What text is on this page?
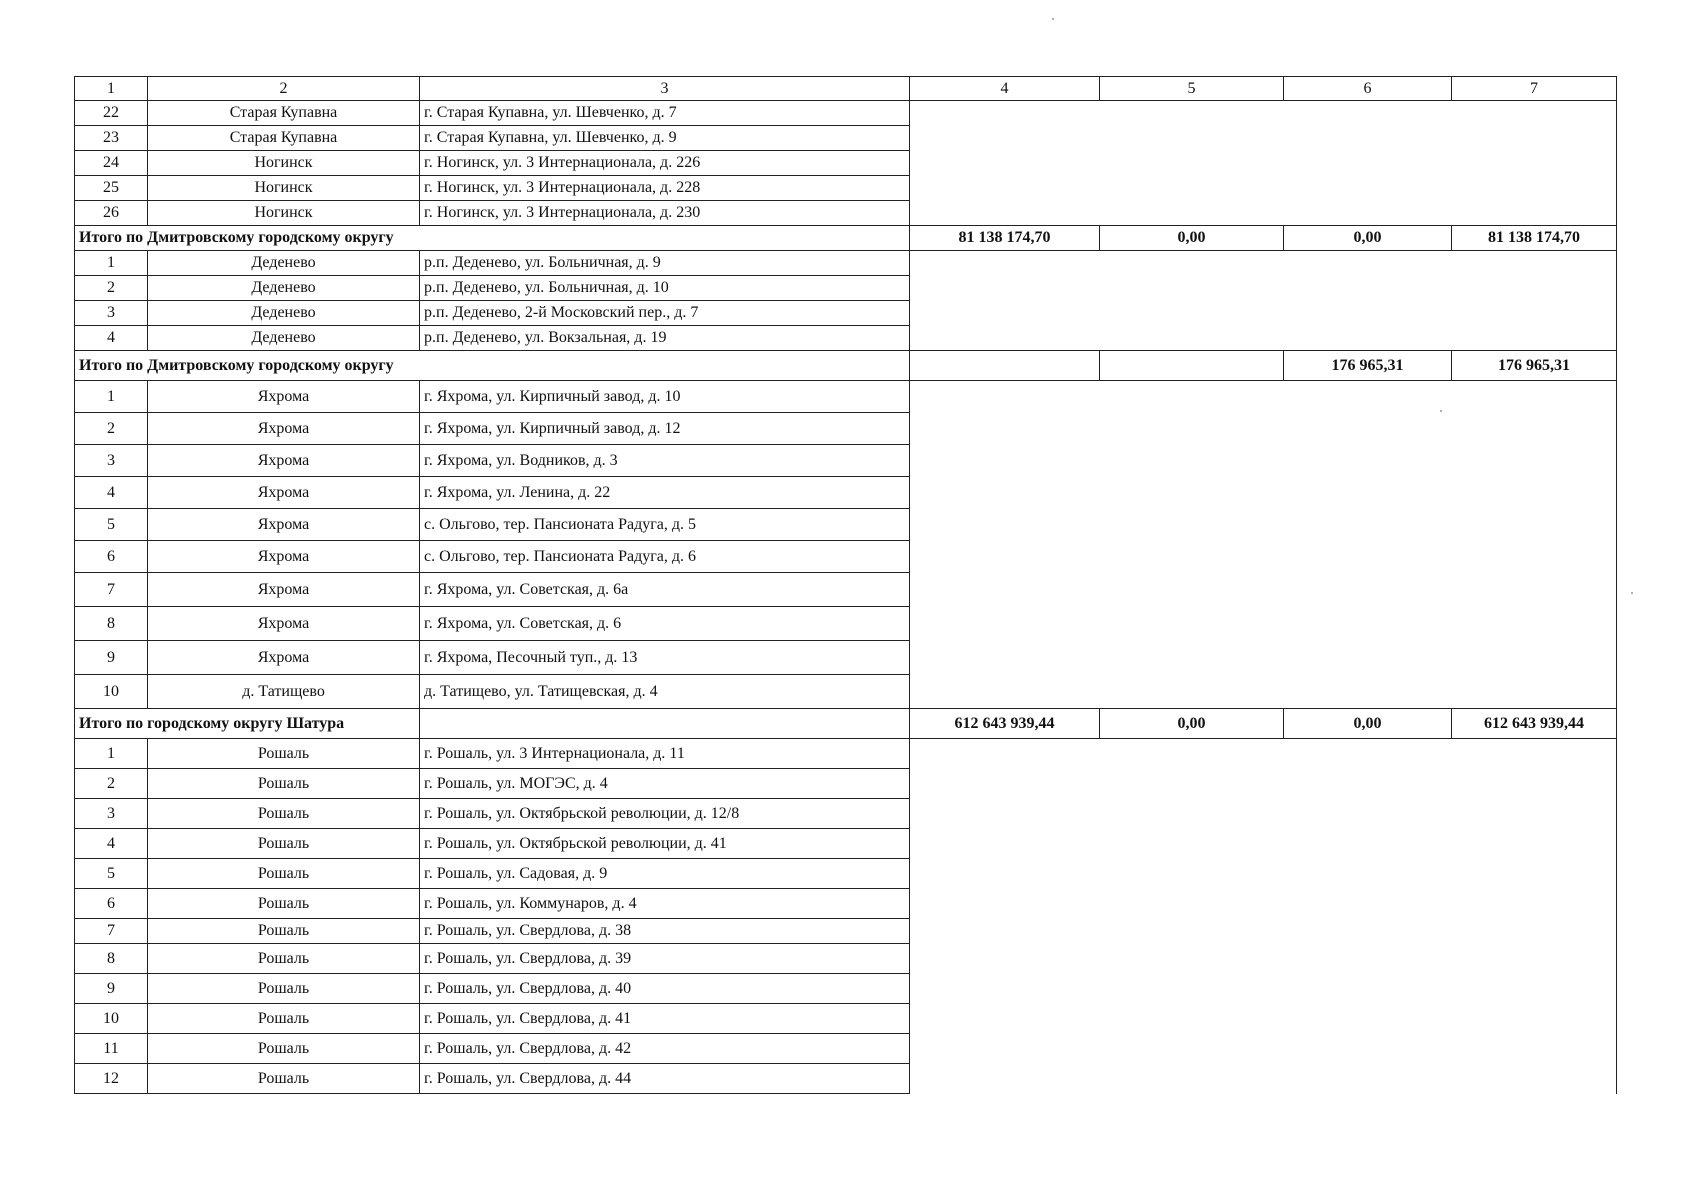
1	2	3	4	5	6	7
22	Старая Купавна	г. Старая Купавна, ул. Шевченко, д. 7				
23	Старая Купавна	г. Старая Купавна, ул. Шевченко, д. 9				
24	Ногинск	г. Ногинск, ул. 3 Интернационала, д. 226				
25	Ногинск	г. Ногинск, ул. 3 Интернационала, д. 228				
26	Ногинск	г. Ногинск, ул. 3 Интернационала, д. 230				
Итого по Дмитровскому городскому округу			81 138 174,70	0,00	0,00	81 138 174,70
1	Деденево	р.п. Деденево, ул. Больничная, д. 9				
2	Деденево	р.п. Деденево, ул. Больничная, д. 10				
3	Деденево	р.п. Деденево, 2-й Московский пер., д. 7				
4	Деденево	р.п. Деденево, ул. Вокзальная, д. 19				
Итого по Дмитровскому городскому округу					176 965,31	176 965,31
1	Яхрома	г. Яхрома, ул. Кирпичный завод, д. 10				
2	Яхрома	г. Яхрома, ул. Кирпичный завод, д. 12				
3	Яхрома	г. Яхрома, ул. Водников, д. 3				
4	Яхрома	г. Яхрома, ул. Ленина, д. 22				
5	Яхрома	с. Ольгово, тер. Пансионата Радуга, д. 5				
6	Яхрома	с. Ольгово, тер. Пансионата Радуга, д. 6				
7	Яхрома	г. Яхрома, ул. Советская, д. 6а				
8	Яхрома	г. Яхрома, ул. Советская, д. 6				
9	Яхрома	г. Яхрома, Песочный туп., д. 13				
10	д. Татищево	д. Татищево, ул. Татищевская, д. 4				
Итого по городскому округу Шатура			612 643 939,44	0,00	0,00	612 643 939,44
1	Рошаль	г. Рошаль, ул. 3 Интернационала, д. 11				
2	Рошаль	г. Рошаль, ул. МОГЭС, д. 4				
3	Рошаль	г. Рошаль, ул. Октябрьской революции, д. 12/8				
4	Рошаль	г. Рошаль, ул. Октябрьской революции, д. 41				
5	Рошаль	г. Рошаль, ул. Садовая, д. 9				
6	Рошаль	г. Рошаль, ул. Коммунаров, д. 4				
7	Рошаль	г. Рошаль, ул. Свердлова, д. 38				
8	Рошаль	г. Рошаль, ул. Свердлова, д. 39				
9	Рошаль	г. Рошаль, ул. Свердлова, д. 40				
10	Рошаль	г. Рошаль, ул. Свердлова, д. 41				
11	Рошаль	г. Рошаль, ул. Свердлова, д. 42				
12	Рошаль	г. Рошаль, ул. Свердлова, д. 44				
